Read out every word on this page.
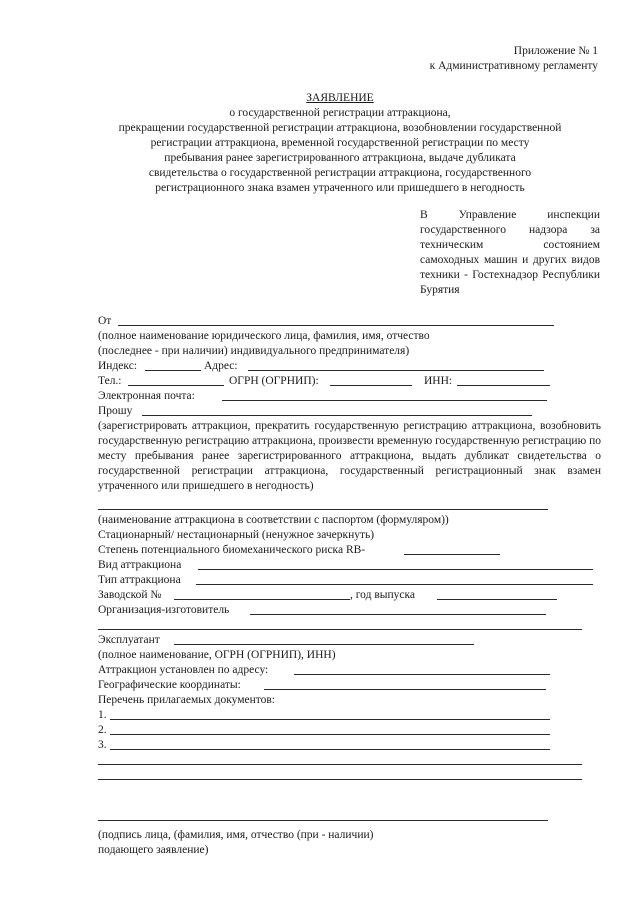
Приложение № 1
к Административному регламенту
ЗАЯВЛЕНИЕ
о государственной регистрации аттракциона,
прекращении государственной регистрации аттракциона, возобновлении государственной
регистрации аттракциона, временной государственной регистрации по месту
пребывания ранее зарегистрированного аттракциона, выдаче дубликата
свидетельства о государственной регистрации аттракциона, государственного
регистрационного знака взамен утраченного или пришедшего в негодность
В Управление инспекции государственного надзора за техническим состоянием самоходных машин и других видов техники - Гостехнадзор Республики Бурятия
От
(полное наименование юридического лица, фамилия, имя, отчество
(последнее - при наличии) индивидуального предпринимателя)
Индекс:	Адрес:
Тел.:	ОГРН (ОГРНИП):	ИНН:
Электронная почта:
Прошу
(зарегистрировать аттракцион, прекратить государственную регистрацию аттракциона, возобновить государственную регистрацию аттракциона, произвести временную государственную регистрацию по месту пребывания ранее зарегистрированного аттракциона, выдать дубликат свидетельства о государственной регистрации аттракциона, государственный регистрационный знак взамен утраченного или пришедшего в негодность)
(наименование аттракциона в соответствии с паспортом (формуляром))
Стационарный/ нестационарный (ненужное зачеркнуть)
Степень потенциального биомеханического риска RB-
Вид аттракциона
Тип аттракциона
Заводской №	, год выпуска
Организация-изготовитель
Эксплуатант
(полное наименование, ОГРН (ОГРНИП), ИНН)
Аттракцион установлен по адресу:
Географические координаты:
Перечень прилагаемых документов:
1.
2.
3.
(подпись лица, (фамилия, имя, отчество (при - наличии)
подающего заявление)
